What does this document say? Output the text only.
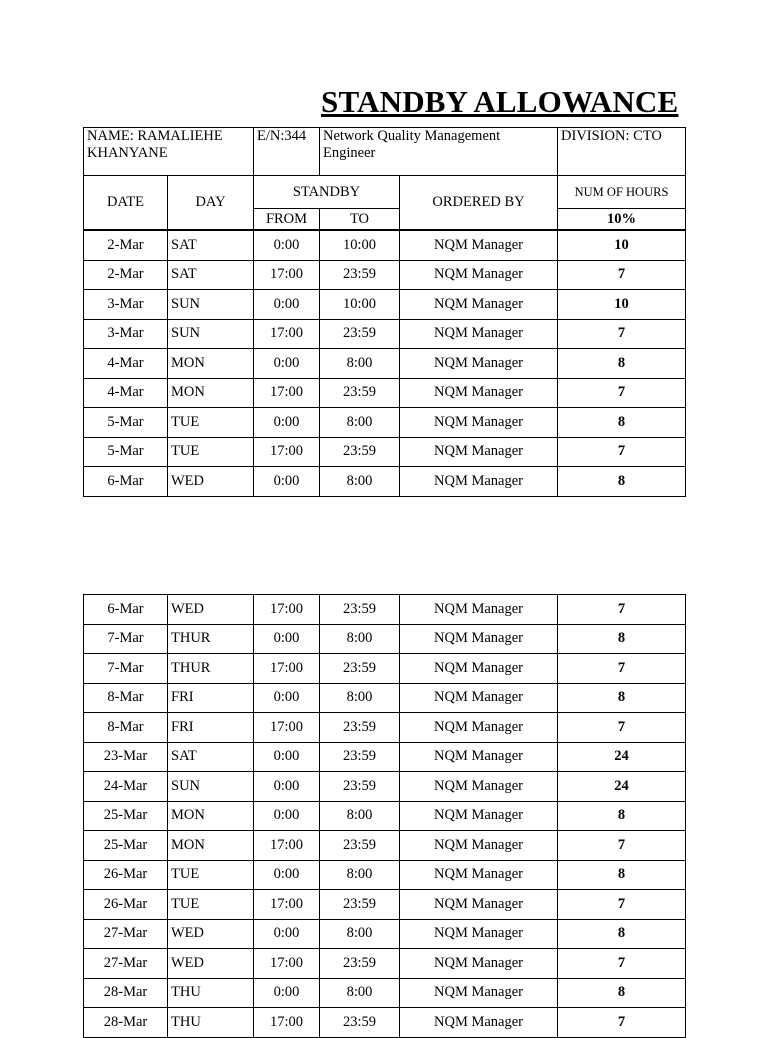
STANDBY ALLOWANCE
NAME: RAMALIEHE KHANYANE		E/N:344	Network Quality Management Engineer		DIVISION: CTO
DATE	DAY	STANDBY		ORDERED BY	NUM OF HOURS
		FROM	TO		10%
2-Mar	SAT	0:00	10:00	NQM Manager	10
2-Mar	SAT	17:00	23:59	NQM Manager	7
3-Mar	SUN	0:00	10:00	NQM Manager	10
3-Mar	SUN	17:00	23:59	NQM Manager	7
4-Mar	MON	0:00	8:00	NQM Manager	8
4-Mar	MON	17:00	23:59	NQM Manager	7
5-Mar	TUE	0:00	8:00	NQM Manager	8
5-Mar	TUE	17:00	23:59	NQM Manager	7
6-Mar	WED	0:00	8:00	NQM Manager	8
6-Mar	WED	17:00	23:59	NQM Manager	7
7-Mar	THUR	0:00	8:00	NQM Manager	8
7-Mar	THUR	17:00	23:59	NQM Manager	7
8-Mar	FRI	0:00	8:00	NQM Manager	8
8-Mar	FRI	17:00	23:59	NQM Manager	7
23-Mar	SAT	0:00	23:59	NQM Manager	24
24-Mar	SUN	0:00	23:59	NQM Manager	24
25-Mar	MON	0:00	8:00	NQM Manager	8
25-Mar	MON	17:00	23:59	NQM Manager	7
26-Mar	TUE	0:00	8:00	NQM Manager	8
26-Mar	TUE	17:00	23:59	NQM Manager	7
27-Mar	WED	0:00	8:00	NQM Manager	8
27-Mar	WED	17:00	23:59	NQM Manager	7
28-Mar	THU	0:00	8:00	NQM Manager	8
28-Mar	THU	17:00	23:59	NQM Manager	7
